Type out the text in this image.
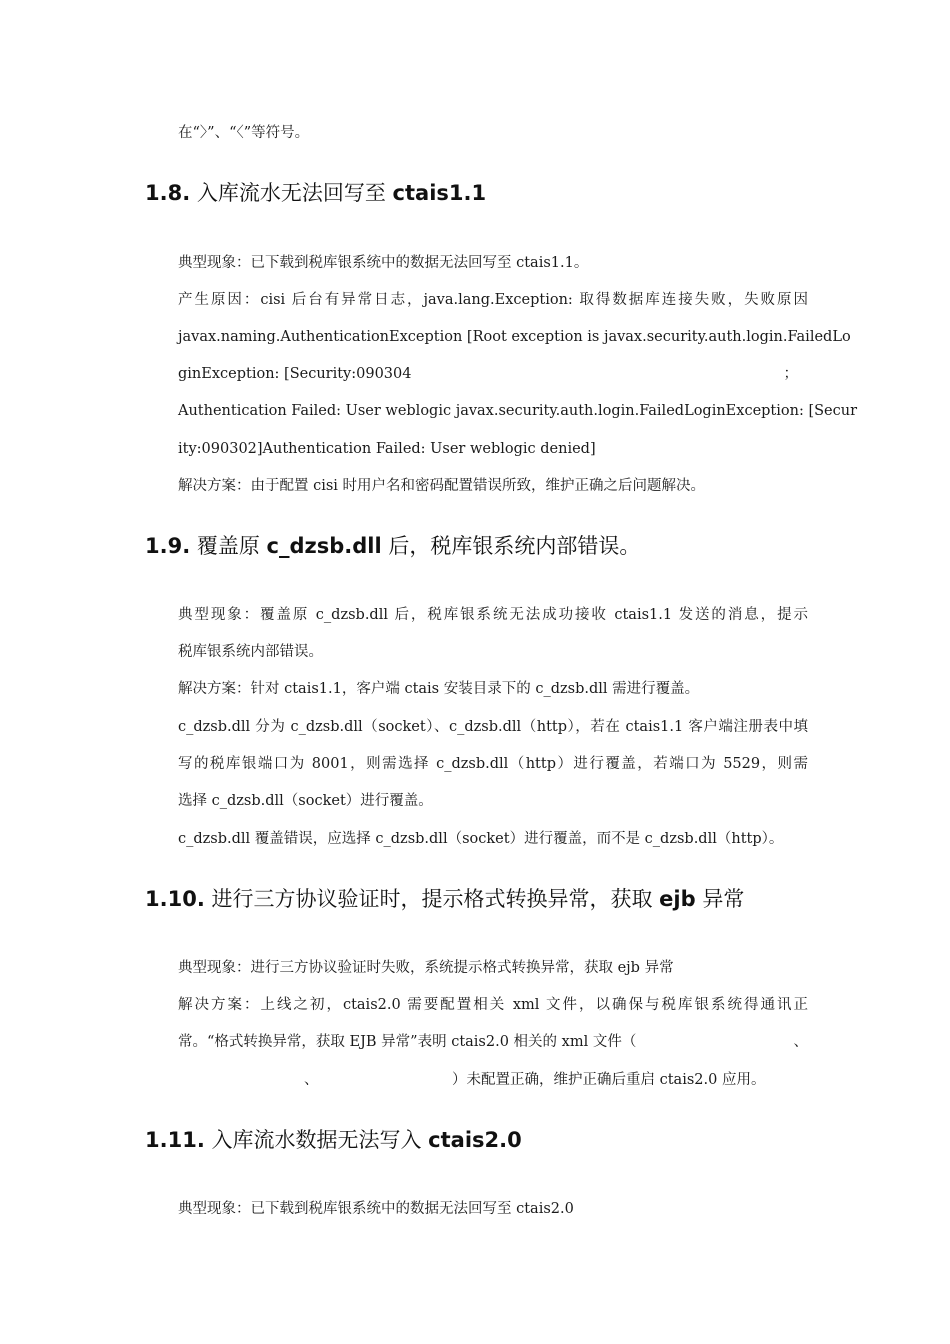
在“〉”、“〈”等符号。
1.8. 入库流水无法回写至 ctais1.1
典型现象：已下载到税库银系统中的数据无法回写至 ctais1.1。
产生原因：cisi 后台有异常日志，java.lang.Exception: 取得数据库连接失败，失败原因
javax.naming.AuthenticationException [Root exception is javax.security.auth.login.FailedLo
ginException: [Security:090304	；
Authentication Failed: User weblogic javax.security.auth.login.FailedLoginException: [Secur
ity:090302]Authentication Failed: User weblogic denied]
解决方案：由于配置 cisi 时用户名和密码配置错误所致，维护正确之后问题解决。
1.9. 覆盖原 c_dzsb.dll 后，税库银系统内部错误。
典型现象：覆盖原 c_dzsb.dll 后，税库银系统无法成功接收 ctais1.1 发送的消息，提示
税库银系统内部错误。
解决方案：针对 ctais1.1，客户端 ctais 安装目录下的 c_dzsb.dll 需进行覆盖。
c_dzsb.dll 分为 c_dzsb.dll（socket）、c_dzsb.dll（http），若在 ctais1.1 客户端注册表中填
写的税库银端口为 8001，则需选择 c_dzsb.dll（http）进行覆盖，若端口为 5529，则需
选择 c_dzsb.dll（socket）进行覆盖。
c_dzsb.dll 覆盖错误，应选择 c_dzsb.dll（socket）进行覆盖，而不是 c_dzsb.dll（http）。
1.10. 进行三方协议验证时，提示格式转换异常，获取 ejb 异常
典型现象：进行三方协议验证时失败，系统提示格式转换异常，获取 ejb 异常
解决方案：上线之初，ctais2.0 需要配置相关 xml 文件，以确保与税库银系统得通讯正
常。“格式转换异常，获取 EJB 异常”表明 ctais2.0 相关的 xml 文件（	、
、	）未配置正确，维护正确后重启 ctais2.0 应用。
1.11. 入库流水数据无法写入 ctais2.0
典型现象：已下载到税库银系统中的数据无法回写至 ctais2.0
